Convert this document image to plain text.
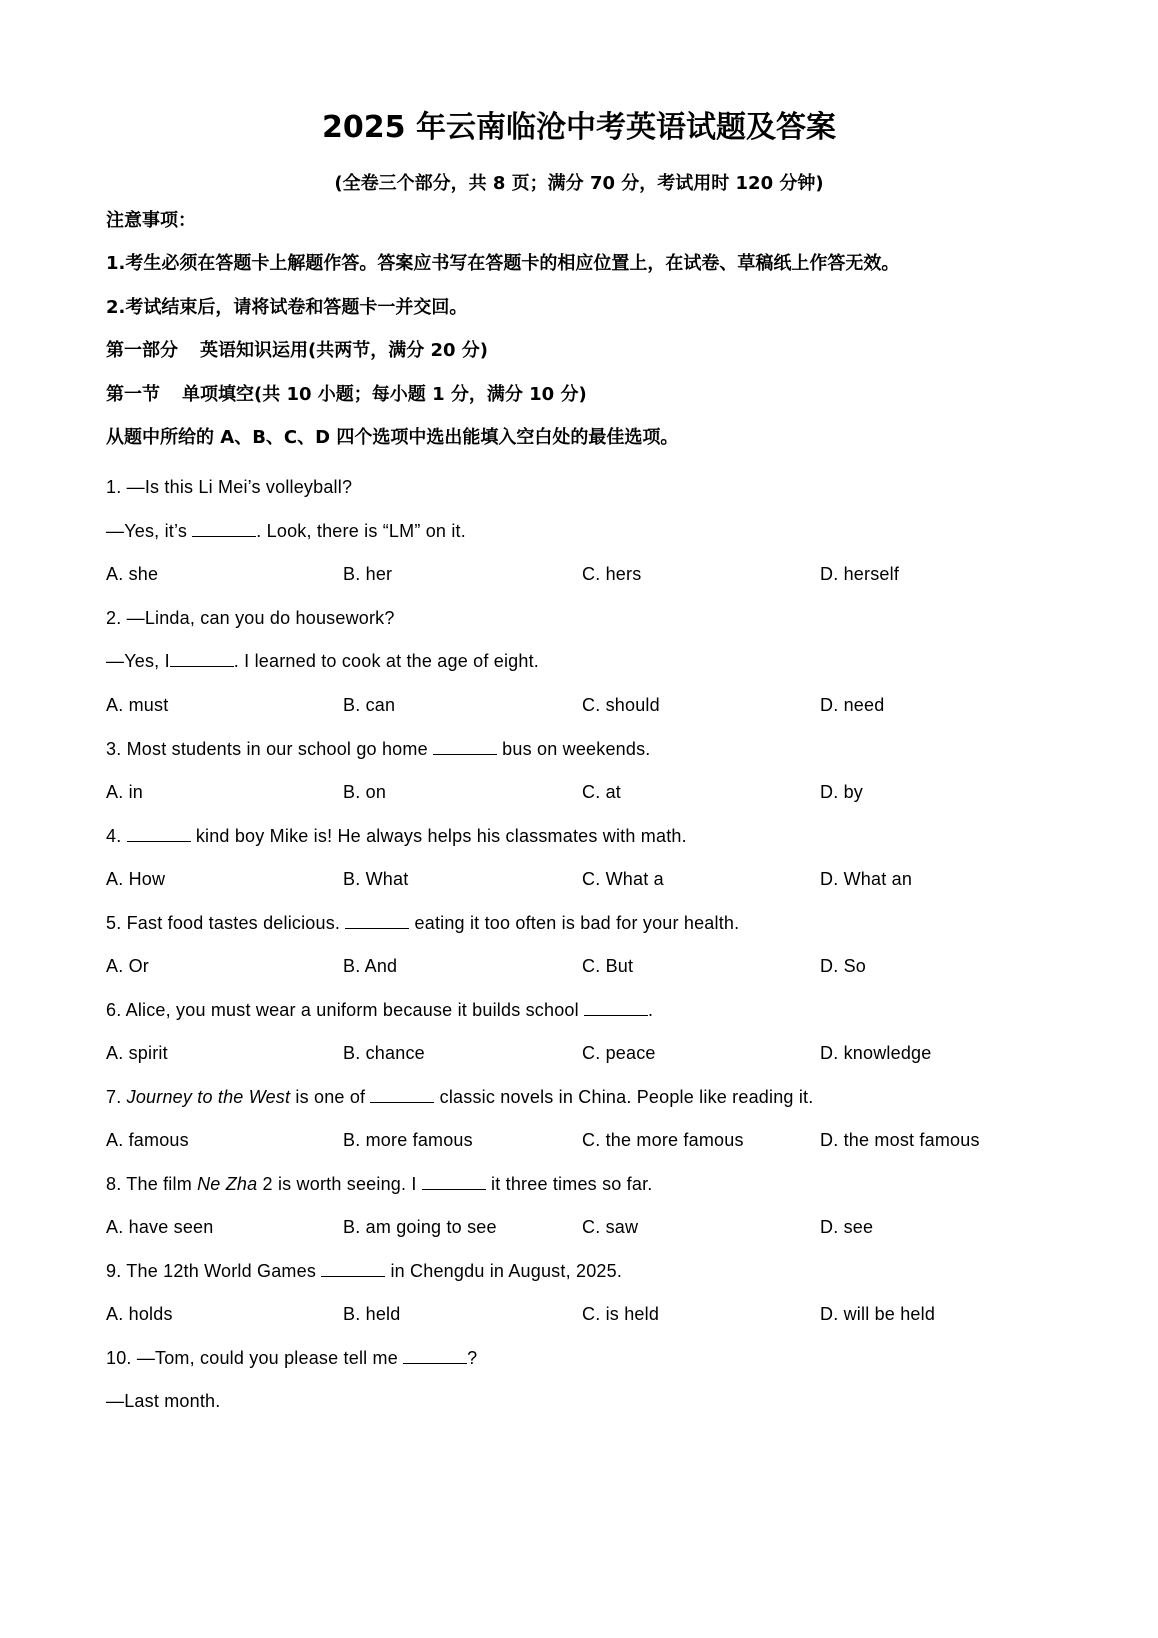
2025 年云南临沧中考英语试题及答案
(全卷三个部分，共 8 页；满分 70 分，考试用时 120 分钟)
注意事项：
1.考生必须在答题卡上解题作答。答案应书写在答题卡的相应位置上，在试卷、草稿纸上作答无效。
2.考试结束后，请将试卷和答题卡一并交回。
第一部分 英语知识运用(共两节，满分 20 分)
第一节 单项填空(共 10 小题；每小题 1 分，满分 10 分)
从题中所给的 A、B、C、D 四个选项中选出能填入空白处的最佳选项。
1. —Is this Li Mei’s volleyball?
—Yes, it’s	. Look, there is “LM” on it.
A. she	B. her	C. hers	D. herself
2. —Linda, can you do housework?
—Yes, I	. I learned to cook at the age of eight.
A. must	B. can	C. should	D. need
3. Most students in our school go home	bus on weekends.
A. in	B. on	C. at	D. by
4.	kind boy Mike is! He always helps his classmates with math.
A. How	B. What	C. What a	D. What an
5. Fast food tastes delicious.	eating it too often is bad for your health.
A. Or	B. And	C. But	D. So
6. Alice, you must wear a uniform because it builds school	.
A. spirit	B. chance	C. peace	D. knowledge
7. Journey to the West is one of	classic novels in China. People like reading it.
A. famous	B. more famous	C. the more famous	D. the most famous
8. The film Ne Zha 2 is worth seeing. I	it three times so far.
A. have seen	B. am going to see	C. saw	D. see
9. The 12th World Games	in Chengdu in August, 2025.
A. holds	B. held	C. is held	D. will be held
10. —Tom, could you please tell me	?
—Last month.
